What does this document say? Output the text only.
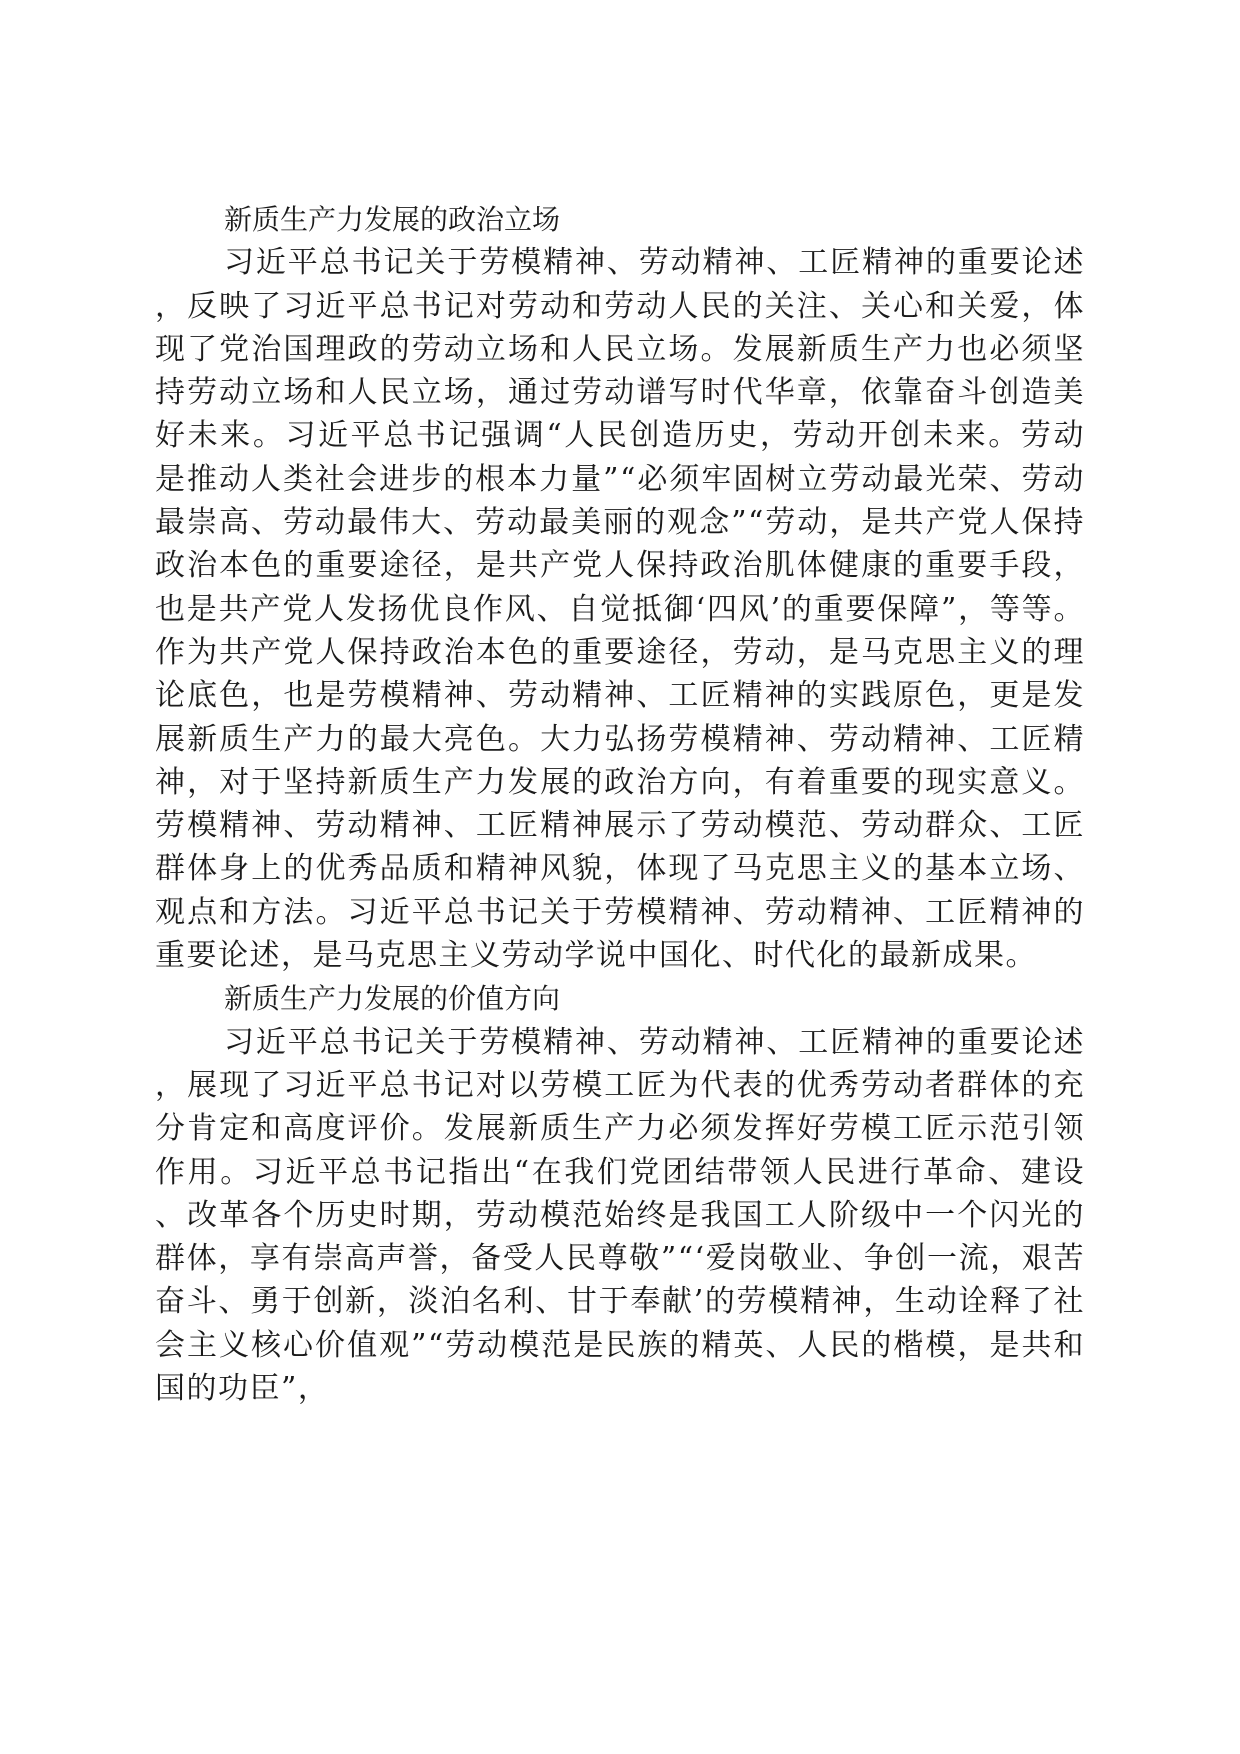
新质生产力发展的政治立场

习近平总书记关于劳模精神、劳动精神、工匠精神的重要论述，反映了习近平总书记对劳动和劳动人民的关注、关心和关爱，体现了党治国理政的劳动立场和人民立场。发展新质生产力也必须坚持劳动立场和人民立场，通过劳动谱写时代华章，依靠奋斗创造美好未来。习近平总书记强调“人民创造历史，劳动开创未来。劳动是推动人类社会进步的根本力量”“必须牢固树立劳动最光荣、劳动最崇高、劳动最伟大、劳动最美丽的观念”“劳动，是共产党人保持政治本色的重要途径，是共产党人保持政治肌体健康的重要手段，也是共产党人发扬优良作风、自觉抵御‘四风’的重要保障”，等等。作为共产党人保持政治本色的重要途径，劳动，是马克思主义的理论底色，也是劳模精神、劳动精神、工匠精神的实践原色，更是发展新质生产力的最大亮色。大力弘扬劳模精神、劳动精神、工匠精神，对于坚持新质生产力发展的政治方向，有着重要的现实意义。劳模精神、劳动精神、工匠精神展示了劳动模范、劳动群众、工匠群体身上的优秀品质和精神风貌，体现了马克思主义的基本立场、观点和方法。习近平总书记关于劳模精神、劳动精神、工匠精神的重要论述，是马克思主义劳动学说中国化、时代化的最新成果。

新质生产力发展的价值方向

习近平总书记关于劳模精神、劳动精神、工匠精神的重要论述，展现了习近平总书记对以劳模工匠为代表的优秀劳动者群体的充分肯定和高度评价。发展新质生产力必须发挥好劳模工匠示范引领作用。习近平总书记指出“在我们党团结带领人民进行革命、建设、改革各个历史时期，劳动模范始终是我国工人阶级中一个闪光的群体，享有崇高声誉，备受人民尊敬”“‘爱岗敬业、争创一流，艰苦奋斗、勇于创新，淡泊名利、甘于奉献’的劳模精神，生动诠释了社会主义核心价值观”“劳动模范是民族的精英、人民的楷模，是共和国的功臣”，
